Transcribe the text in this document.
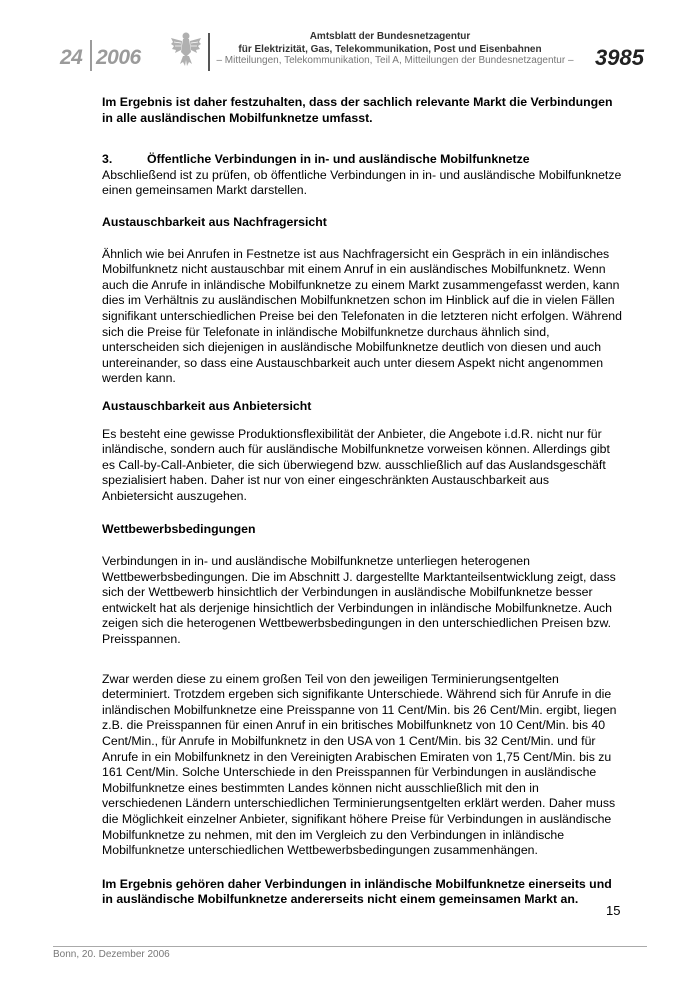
24 2006
Amtsblatt der Bundesnetzagentur
für Elektrizität, Gas, Telekommunikation, Post und Eisenbahnen
– Mitteilungen, Telekommunikation, Teil A, Mitteilungen der Bundesnetzagentur – 3985

Im Ergebnis ist daher festzuhalten, dass der sachlich relevante Markt die Verbindungen in alle ausländischen Mobilfunknetze umfasst.

3.	Öffentliche Verbindungen in in- und ausländische Mobilfunknetze

Abschließend ist zu prüfen, ob öffentliche Verbindungen in in- und ausländische Mobilfunknetze einen gemeinsamen Markt darstellen.

Austauschbarkeit aus Nachfragersicht

Ähnlich wie bei Anrufen in Festnetze ist aus Nachfragersicht ein Gespräch in ein inländisches Mobilfunknetz nicht austauschbar mit einem Anruf in ein ausländisches Mobilfunknetz. Wenn auch die Anrufe in inländische Mobilfunknetze zu einem Markt zusammengefasst werden, kann dies im Verhältnis zu ausländischen Mobilfunknetzen schon im Hinblick auf die in vielen Fällen signifikant unterschiedlichen Preise bei den Telefonaten in die letzteren nicht erfolgen. Während sich die Preise für Telefonate in inländische Mobilfunknetze durchaus ähnlich sind, unterscheiden sich diejenigen in ausländische Mobilfunknetze deutlich von diesen und auch untereinander, so dass eine Austauschbarkeit auch unter diesem Aspekt nicht angenommen werden kann.

Austauschbarkeit aus Anbietersicht

Es besteht eine gewisse Produktionsflexibilität der Anbieter, die Angebote i.d.R. nicht nur für inländische, sondern auch für ausländische Mobilfunknetze vorweisen können. Allerdings gibt es Call-by-Call-Anbieter, die sich überwiegend bzw. ausschließlich auf das Auslandsgeschäft spezialisiert haben. Daher ist nur von einer eingeschränkten Austauschbarkeit aus Anbietersicht auszugehen.

Wettbewerbsbedingungen

Verbindungen in in- und ausländische Mobilfunknetze unterliegen heterogenen Wettbewerbsbedingungen. Die im Abschnitt J. dargestellte Marktanteilsentwicklung zeigt, dass sich der Wettbewerb hinsichtlich der Verbindungen in ausländische Mobilfunknetze besser entwickelt hat als derjenige hinsichtlich der Verbindungen in inländische Mobilfunknetze. Auch zeigen sich die heterogenen Wettbewerbsbedingungen in den unterschiedlichen Preisen bzw. Preisspannen.

Zwar werden diese zu einem großen Teil von den jeweiligen Terminierungsentgelten determiniert. Trotzdem ergeben sich signifikante Unterschiede. Während sich für Anrufe in die inländischen Mobilfunknetze eine Preisspanne von 11 Cent/Min. bis 26 Cent/Min. ergibt, liegen z.B. die Preisspannen für einen Anruf in ein britisches Mobilfunknetz von 10 Cent/Min. bis 40 Cent/Min., für Anrufe in Mobilfunknetz in den USA von 1 Cent/Min. bis 32 Cent/Min. und für Anrufe in ein Mobilfunknetz in den Vereinigten Arabischen Emiraten von 1,75 Cent/Min. bis zu 161 Cent/Min. Solche Unterschiede in den Preisspannen für Verbindungen in ausländische Mobilfunknetze eines bestimmten Landes können nicht ausschließlich mit den in verschiedenen Ländern unterschiedlichen Terminierungsentgelten erklärt werden. Daher muss die Möglichkeit einzelner Anbieter, signifikant höhere Preise für Verbindungen in ausländische Mobilfunknetze zu nehmen, mit den im Vergleich zu den Verbindungen in inländische Mobilfunknetze unterschiedlichen Wettbewerbsbedingungen zusammenhängen.

Im Ergebnis gehören daher Verbindungen in inländische Mobilfunknetze einerseits und in ausländische Mobilfunknetze andererseits nicht einem gemeinsamen Markt an.

15
Bonn, 20. Dezember 2006
